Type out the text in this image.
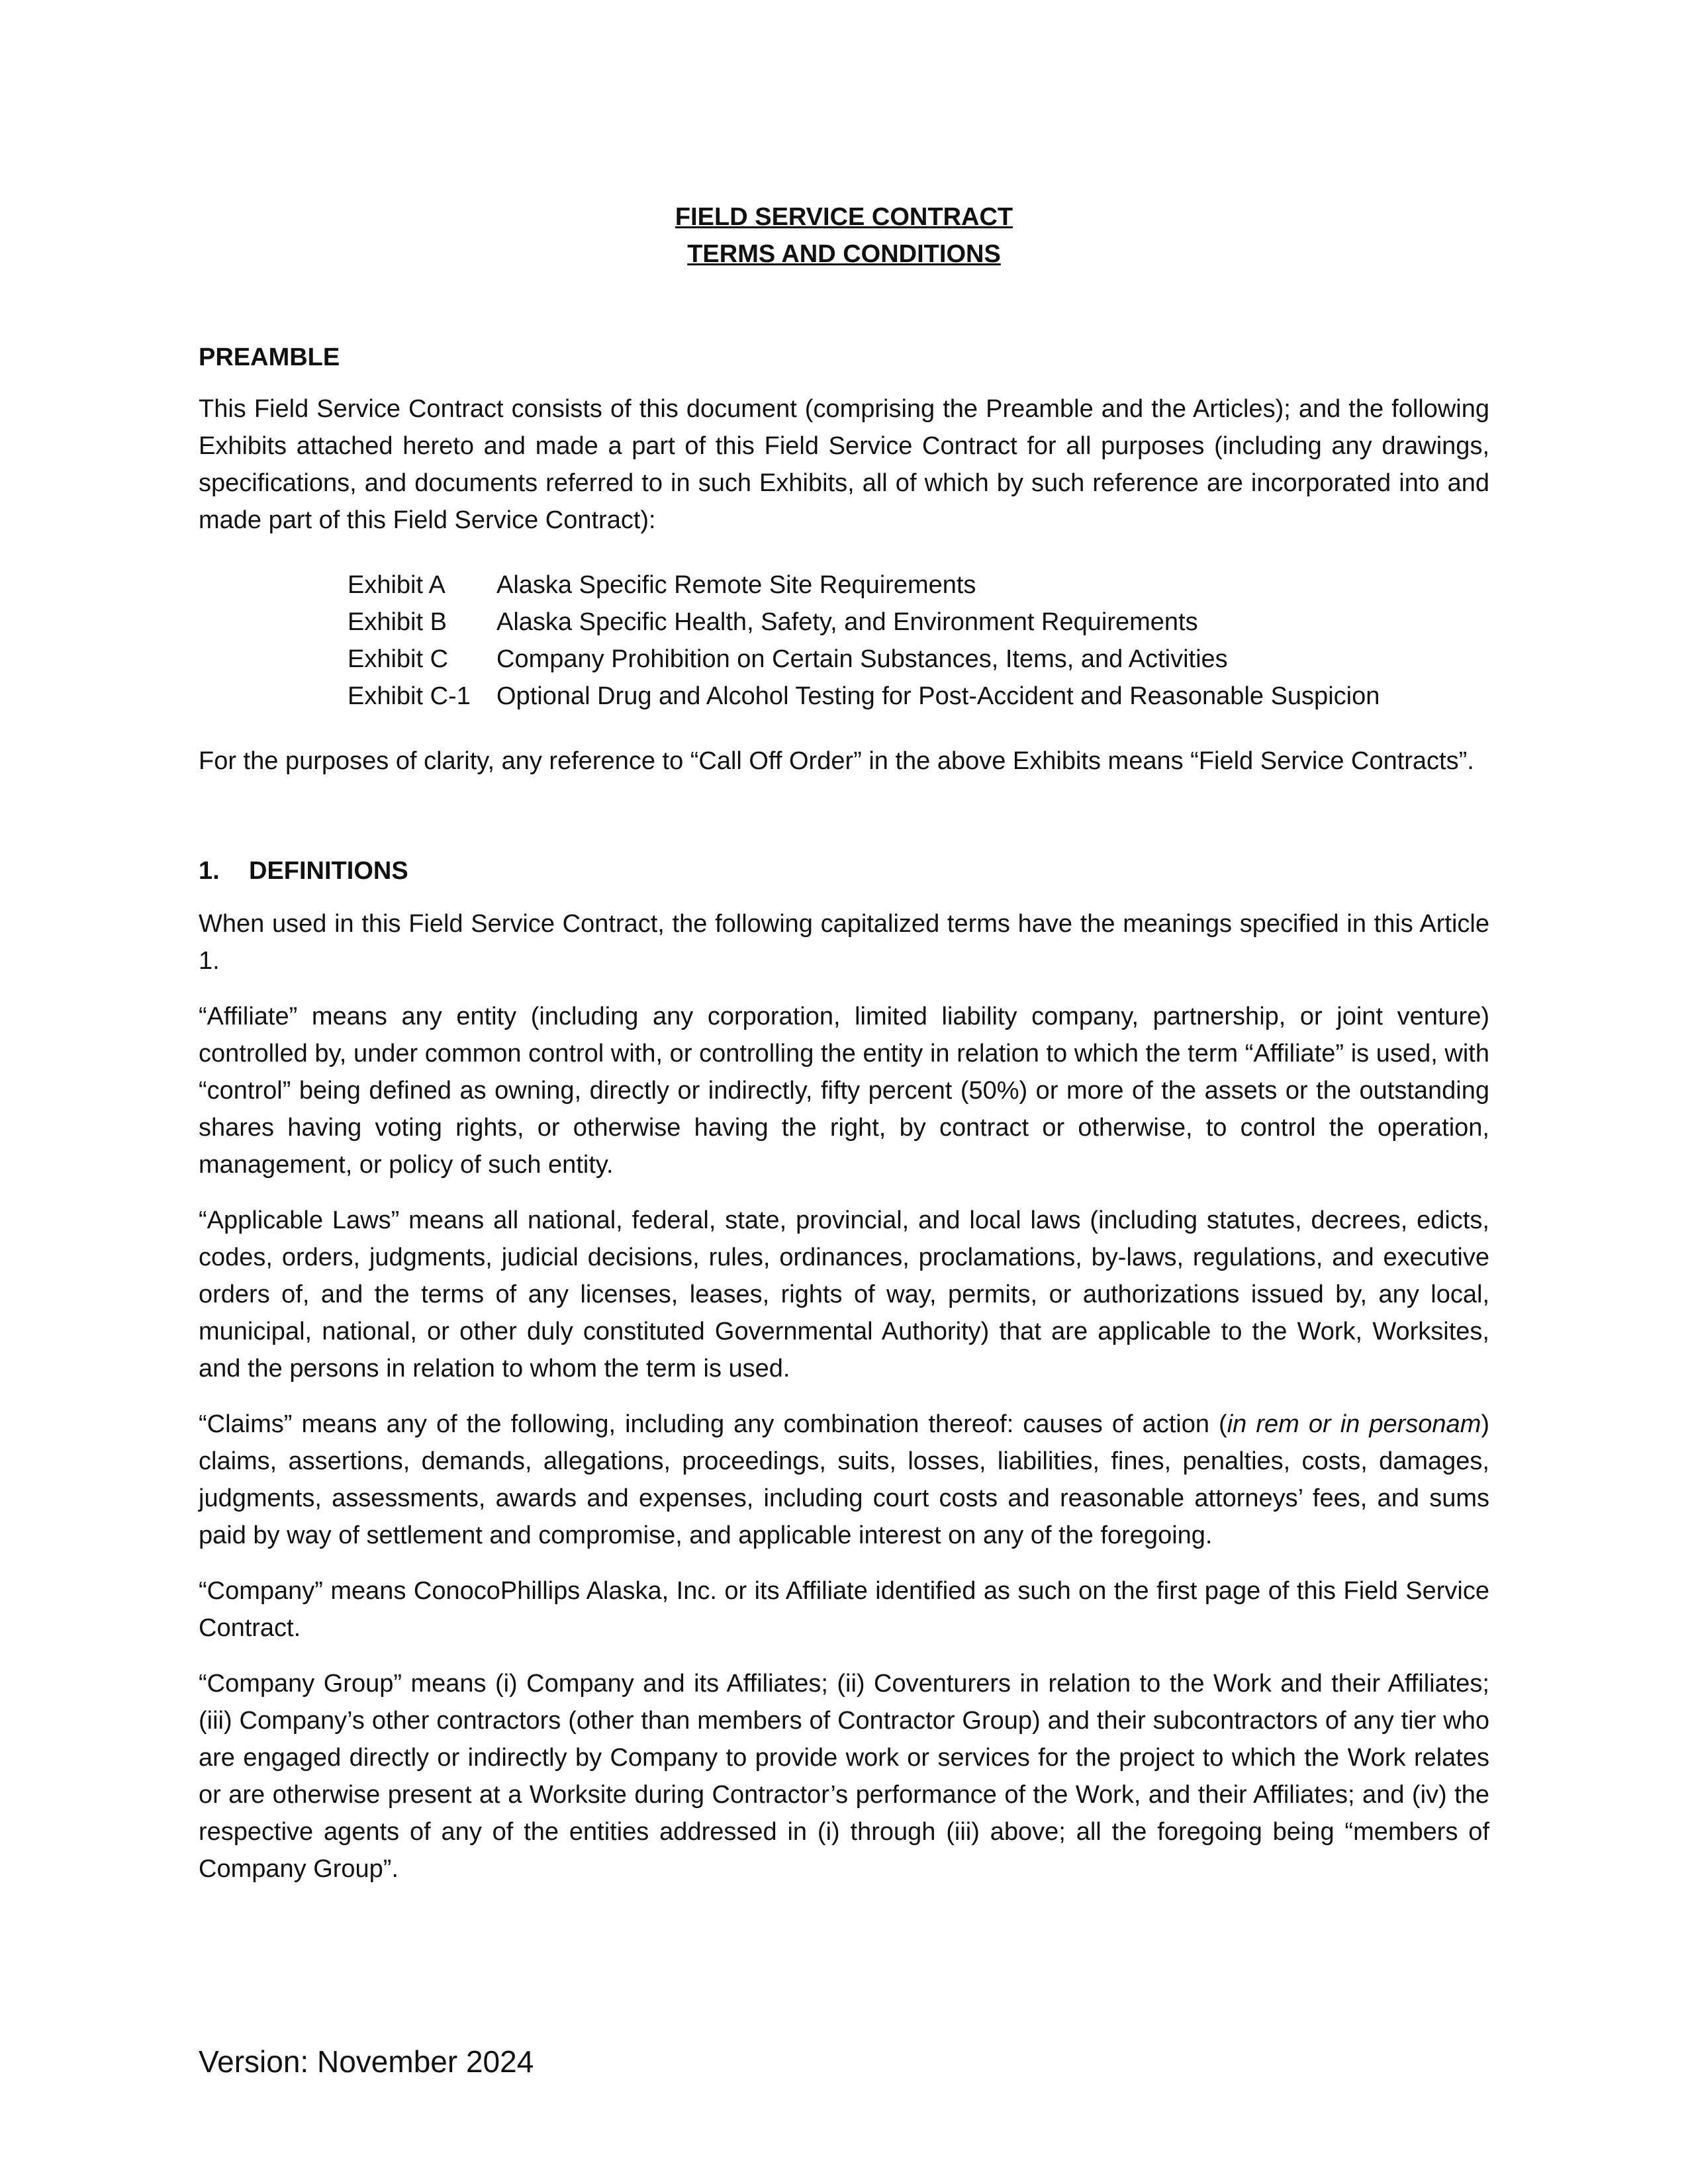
FIELD SERVICE CONTRACT
TERMS AND CONDITIONS
PREAMBLE

This Field Service Contract consists of this document (comprising the Preamble and the Articles); and the following Exhibits attached hereto and made a part of this Field Service Contract for all purposes (including any drawings, specifications, and documents referred to in such Exhibits, all of which by such reference are incorporated into and made part of this Field Service Contract):

Exhibit A	Alaska Specific Remote Site Requirements
Exhibit B	Alaska Specific Health, Safety, and Environment Requirements
Exhibit C	Company Prohibition on Certain Substances, Items, and Activities
Exhibit C-1	Optional Drug and Alcohol Testing for Post-Accident and Reasonable Suspicion

For the purposes of clarity, any reference to “Call Off Order” in the above Exhibits means “Field Service Contracts”.

1.	DEFINITIONS

When used in this Field Service Contract, the following capitalized terms have the meanings specified in this Article 1.

“Affiliate” means any entity (including any corporation, limited liability company, partnership, or joint venture) controlled by, under common control with, or controlling the entity in relation to which the term “Affiliate” is used, with “control” being defined as owning, directly or indirectly, fifty percent (50%) or more of the assets or the outstanding shares having voting rights, or otherwise having the right, by contract or otherwise, to control the operation, management, or policy of such entity.

“Applicable Laws” means all national, federal, state, provincial, and local laws (including statutes, decrees, edicts, codes, orders, judgments, judicial decisions, rules, ordinances, proclamations, by-laws, regulations, and executive orders of, and the terms of any licenses, leases, rights of way, permits, or authorizations issued by, any local, municipal, national, or other duly constituted Governmental Authority) that are applicable to the Work, Worksites, and the persons in relation to whom the term is used.

“Claims” means any of the following, including any combination thereof: causes of action (in rem or in personam) claims, assertions, demands, allegations, proceedings, suits, losses, liabilities, fines, penalties, costs, damages, judgments, assessments, awards and expenses, including court costs and reasonable attorneys’ fees, and sums paid by way of settlement and compromise, and applicable interest on any of the foregoing.

“Company” means ConocoPhillips Alaska, Inc. or its Affiliate identified as such on the first page of this Field Service Contract.

“Company Group” means (i) Company and its Affiliates; (ii) Coventurers in relation to the Work and their Affiliates; (iii) Company’s other contractors (other than members of Contractor Group) and their subcontractors of any tier who are engaged directly or indirectly by Company to provide work or services for the project to which the Work relates or are otherwise present at a Worksite during Contractor’s performance of the Work, and their Affiliates; and (iv) the respective agents of any of the entities addressed in (i) through (iii) above; all the foregoing being “members of Company Group”.

Version: November 2024
